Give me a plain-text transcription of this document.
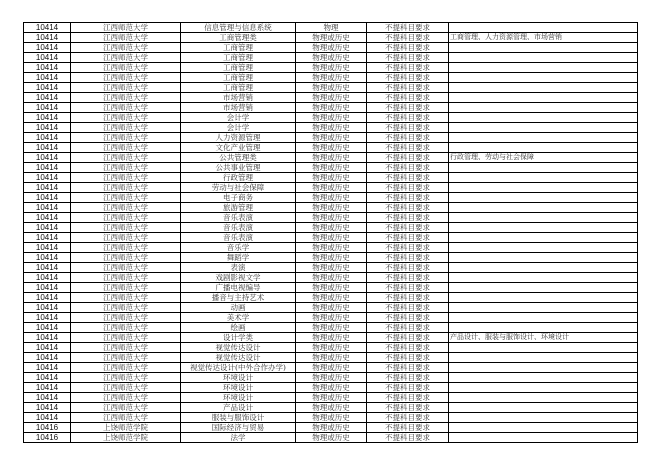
10414	江西师范大学	信息管理与信息系统	物理	不提科目要求	
10414	江西师范大学	工商管理类	物理或历史	不提科目要求	工商管理、人力资源管理、市场营销
10414	江西师范大学	工商管理	物理或历史	不提科目要求	
10414	江西师范大学	工商管理	物理或历史	不提科目要求	
10414	江西师范大学	工商管理	物理或历史	不提科目要求	
10414	江西师范大学	工商管理	物理或历史	不提科目要求	
10414	江西师范大学	工商管理	物理或历史	不提科目要求	
10414	江西师范大学	市场营销	物理或历史	不提科目要求	
10414	江西师范大学	市场营销	物理或历史	不提科目要求	
10414	江西师范大学	会计学	物理或历史	不提科目要求	
10414	江西师范大学	会计学	物理或历史	不提科目要求	
10414	江西师范大学	人力资源管理	物理或历史	不提科目要求	
10414	江西师范大学	文化产业管理	物理或历史	不提科目要求	
10414	江西师范大学	公共管理类	物理或历史	不提科目要求	行政管理、劳动与社会保障
10414	江西师范大学	公共事业管理	物理或历史	不提科目要求	
10414	江西师范大学	行政管理	物理或历史	不提科目要求	
10414	江西师范大学	劳动与社会保障	物理或历史	不提科目要求	
10414	江西师范大学	电子商务	物理或历史	不提科目要求	
10414	江西师范大学	旅游管理	物理或历史	不提科目要求	
10414	江西师范大学	音乐表演	物理或历史	不提科目要求	
10414	江西师范大学	音乐表演	物理或历史	不提科目要求	
10414	江西师范大学	音乐表演	物理或历史	不提科目要求	
10414	江西师范大学	音乐学	物理或历史	不提科目要求	
10414	江西师范大学	舞蹈学	物理或历史	不提科目要求	
10414	江西师范大学	表演	物理或历史	不提科目要求	
10414	江西师范大学	戏剧影视文学	物理或历史	不提科目要求	
10414	江西师范大学	广播电视编导	物理或历史	不提科目要求	
10414	江西师范大学	播音与主持艺术	物理或历史	不提科目要求	
10414	江西师范大学	动画	物理或历史	不提科目要求	
10414	江西师范大学	美术学	物理或历史	不提科目要求	
10414	江西师范大学	绘画	物理或历史	不提科目要求	
10414	江西师范大学	设计学类	物理或历史	不提科目要求	产品设计、服装与服饰设计、环境设计
10414	江西师范大学	视觉传达设计	物理或历史	不提科目要求	
10414	江西师范大学	视觉传达设计	物理或历史	不提科目要求	
10414	江西师范大学	视觉传达设计(中外合作办学)	物理或历史	不提科目要求	
10414	江西师范大学	环境设计	物理或历史	不提科目要求	
10414	江西师范大学	环境设计	物理或历史	不提科目要求	
10414	江西师范大学	环境设计	物理或历史	不提科目要求	
10414	江西师范大学	产品设计	物理或历史	不提科目要求	
10414	江西师范大学	服装与服饰设计	物理或历史	不提科目要求	
10416	上饶师范学院	国际经济与贸易	物理或历史	不提科目要求	
10416	上饶师范学院	法学	物理或历史	不提科目要求	
